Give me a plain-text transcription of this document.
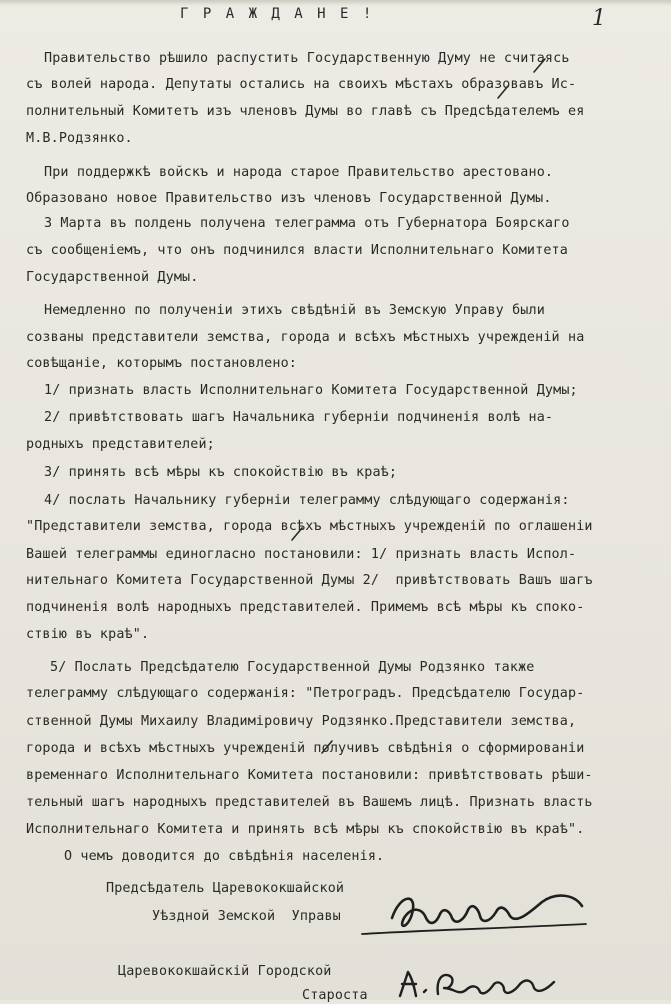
Г Р А Ж Д А Н Е !	1
Правительство рѣшило распустить Государственную Думу не считаясь
съ волей народа. Депутаты остались на своихъ мѣстахъ образовавъ Ис-
полнительный Комитетъ изъ членовъ Думы во главѣ съ Предсѣдателемъ ея
М.В.Родзянко.
При поддержкѣ войскъ и народа старое Правительство арестовано.
Образовано новое Правительство изъ членовъ Государственной Думы.
3 Марта въ полдень получена телеграмма отъ Губернатора Боярскаго
съ сообщеніемъ, что онъ подчинился власти Исполнительнаго Комитета
Государственной Думы.
Немедленно по полученіи этихъ свѣдѣній въ Земскую Управу были
созваны представители земства, города и всѣхъ мѣстныхъ учрежденій на
совѣщаніе, которымъ постановлено:
1/ признать власть Исполнительнаго Комитета Государственной Думы;
2/ привѣтствовать шагъ Начальника губерніи подчиненія волѣ на-
родныхъ представителей;
3/ принять всѣ мѣры къ спокойствію въ краѣ;
4/ послать Начальнику губерніи телеграмму слѣдующаго содержанія:
"Представители земства, города всѣхъ мѣстныхъ учрежденій по оглашеніи
Вашей телеграммы единогласно постановили: 1/ признать власть Испол-
нительнаго Комитета Государственной Думы 2/  привѣтствовать Вашъ шагъ
подчиненія волѣ народныхъ представителей. Примемъ всѣ мѣры къ споко-
ствію въ краѣ".
5/ Послать Предсѣдателю Государственной Думы Родзянко также
телеграмму слѣдующаго содержанія: "Петроградъ. Предсѣдателю Государ-
ственной Думы Михаилу Владиміровичу Родзянко.Представители земства,
города и всѣхъ мѣстныхъ учрежденій получивъ свѣдѣнія о сформированіи
временнаго Исполнительнаго Комитета постановили: привѣтствовать рѣши-
тельный шагъ народныхъ представителей въ Вашемъ лицѣ. Признать власть
Исполнительнаго Комитета и принять всѣ мѣры къ спокойствію въ краѣ".
О чемъ доводится до свѣдѣнія населенія.
Предсѣдатель Царевококшайской
Уѣздной Земской  Управы
Царевококшайскій Городской
Староста
